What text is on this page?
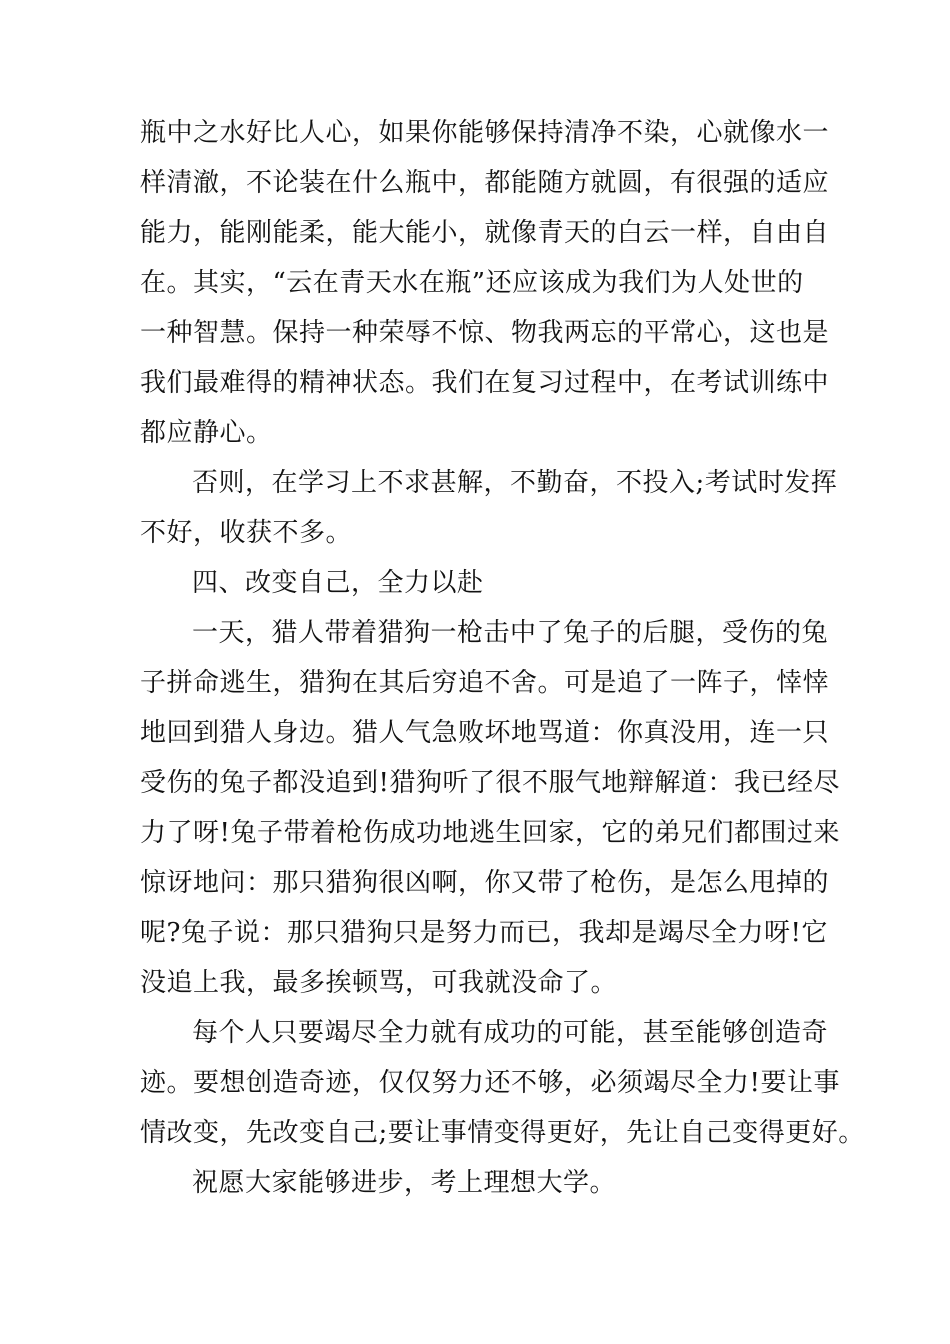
瓶中之水好比人心，如果你能够保持清净不染，心就像水一
样清澈，不论装在什么瓶中，都能随方就圆，有很强的适应
能力，能刚能柔，能大能小，就像青天的白云一样，自由自
在。其实，“云在青天水在瓶”还应该成为我们为人处世的
一种智慧。保持一种荣辱不惊、物我两忘的平常心，这也是
我们最难得的精神状态。我们在复习过程中，在考试训练中
都应静心。
否则，在学习上不求甚解，不勤奋，不投入;考试时发挥
不好，收获不多。
四、改变自己，全力以赴
一天，猎人带着猎狗一枪击中了兔子的后腿，受伤的兔
子拼命逃生，猎狗在其后穷追不舍。可是追了一阵子，悻悻
地回到猎人身边。猎人气急败坏地骂道：你真没用，连一只
受伤的兔子都没追到!猎狗听了很不服气地辩解道：我已经尽
力了呀!兔子带着枪伤成功地逃生回家，它的弟兄们都围过来
惊讶地问：那只猎狗很凶啊，你又带了枪伤，是怎么甩掉的
呢?兔子说：那只猎狗只是努力而已，我却是竭尽全力呀!它
没追上我，最多挨顿骂，可我就没命了。
每个人只要竭尽全力就有成功的可能，甚至能够创造奇
迹。要想创造奇迹，仅仅努力还不够，必须竭尽全力!要让事
情改变，先改变自己;要让事情变得更好，先让自己变得更好。
祝愿大家能够进步，考上理想大学。
